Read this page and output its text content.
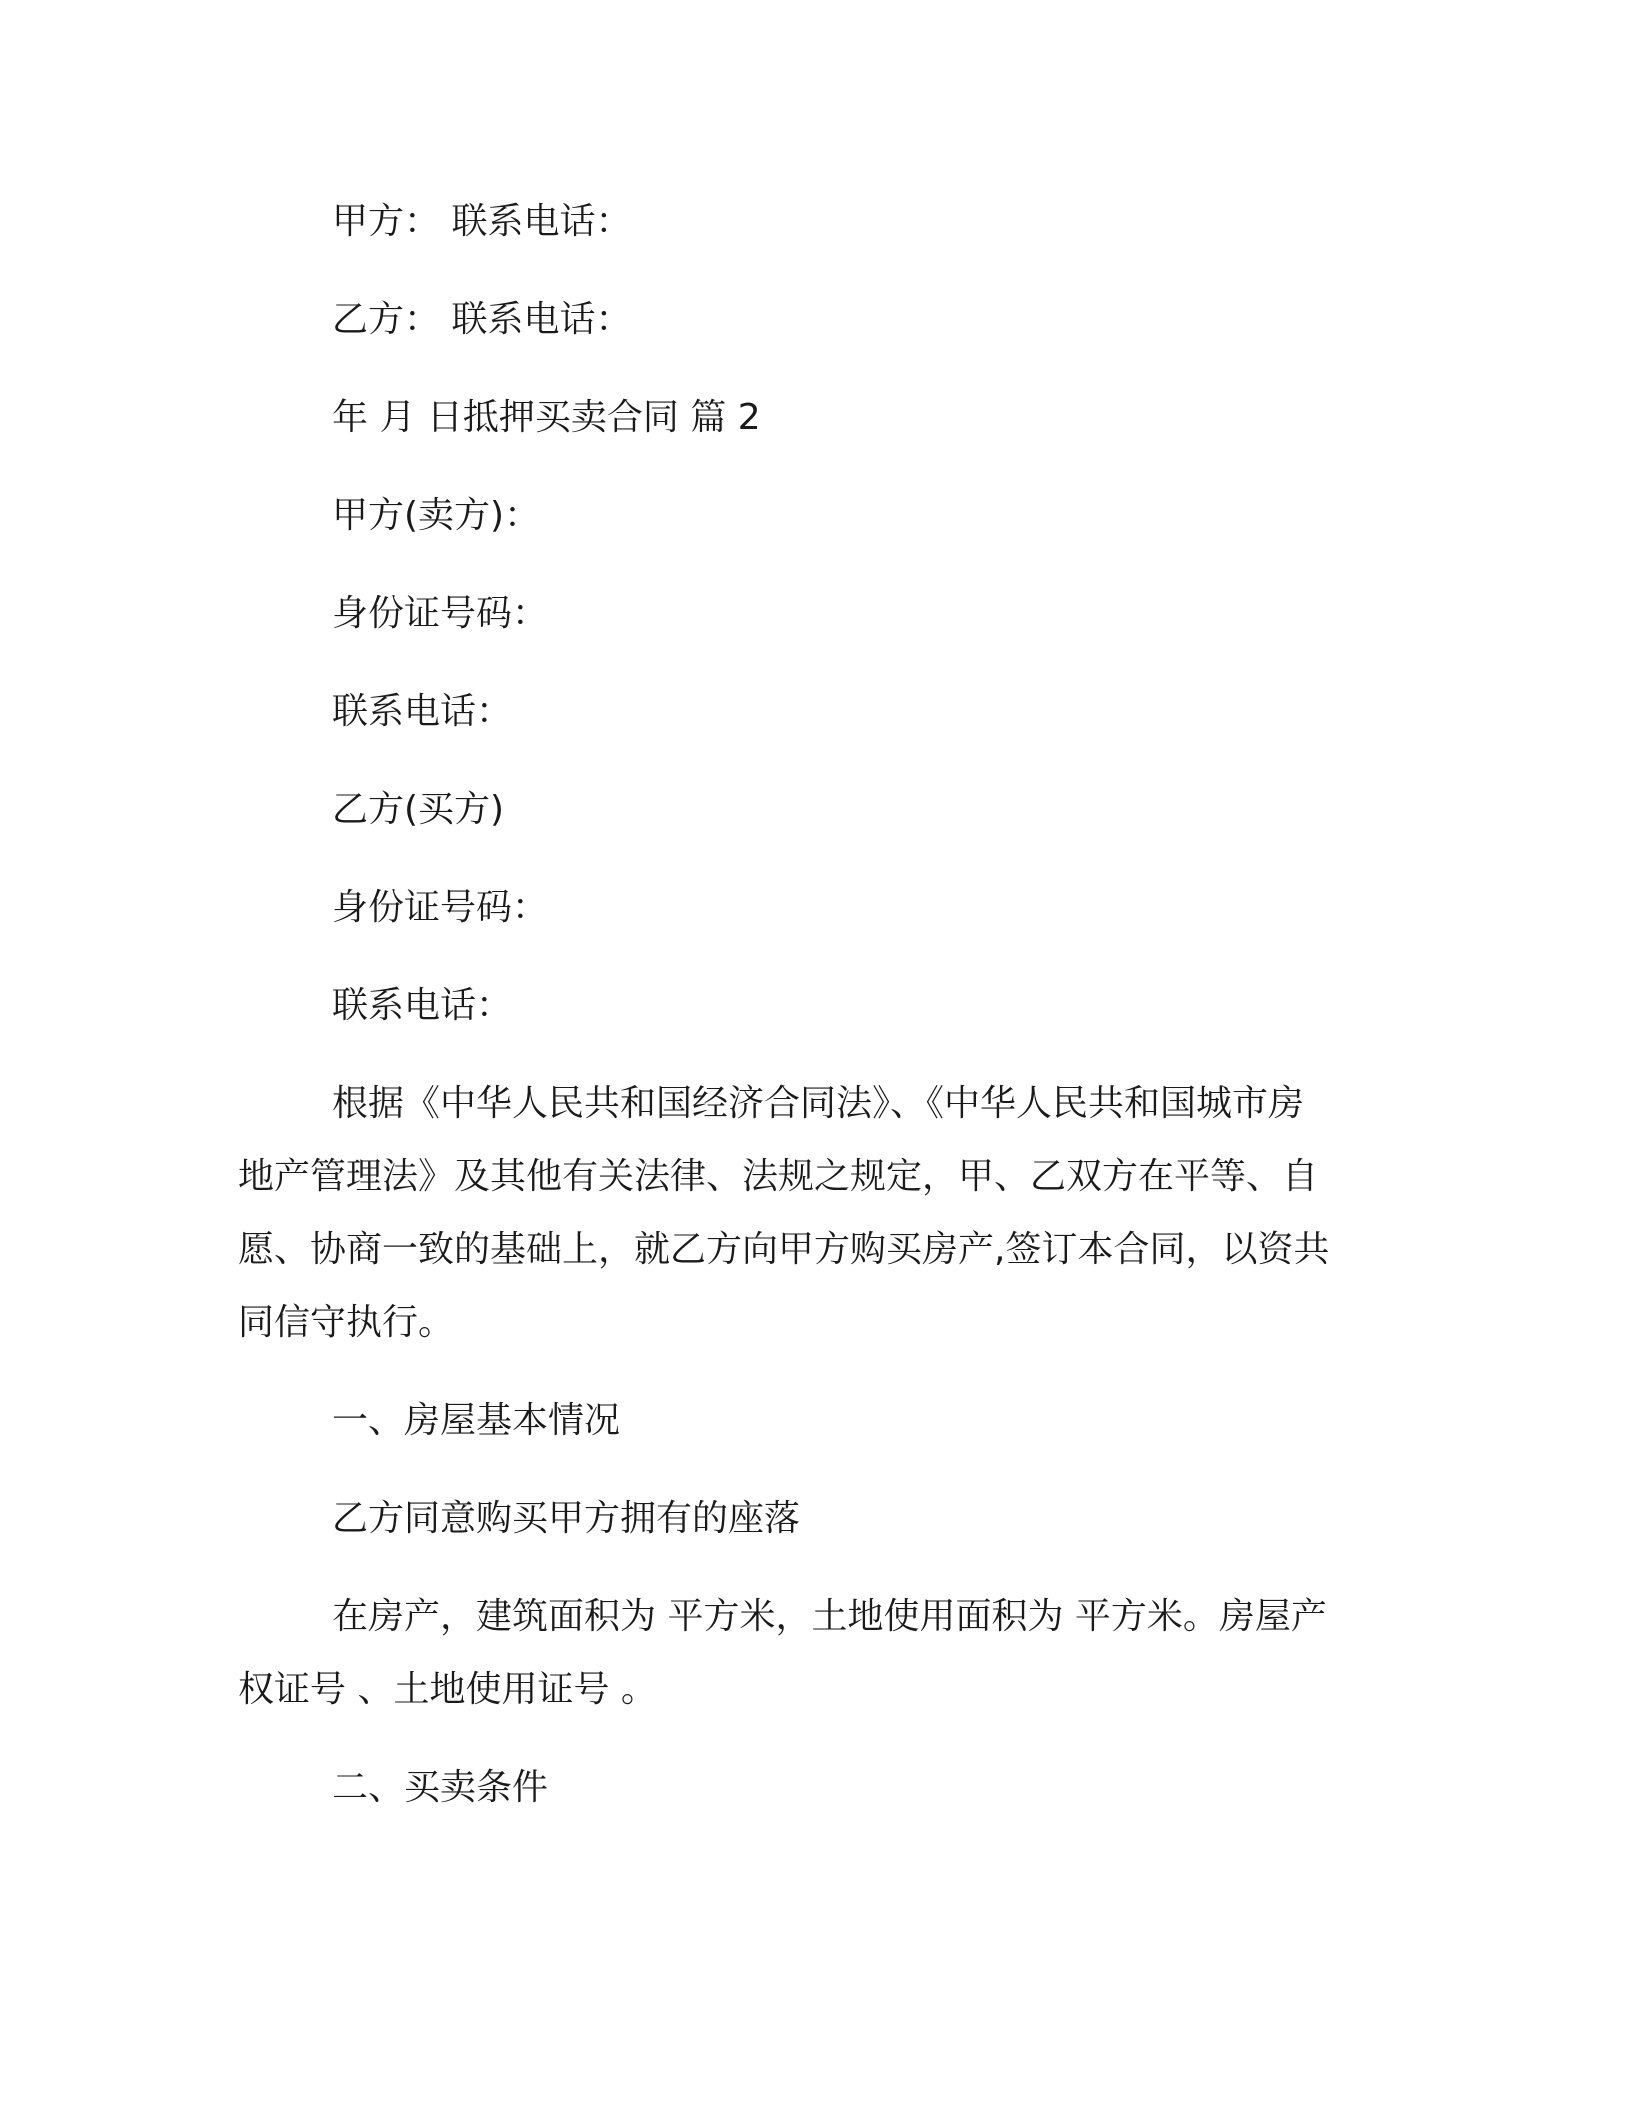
甲方： 联系电话：
乙方： 联系电话：
年 月 日抵押买卖合同 篇 2
甲方(卖方)：
身份证号码：
联系电话：
乙方(买方)
身份证号码：
联系电话：
根据《中华人民共和国经济合同法》、《中华人民共和国城市房
地产管理法》及其他有关法律、法规之规定，甲、乙双方在平等、自
愿、协商一致的基础上，就乙方向甲方购买房产,签订本合同，以资共
同信守执行。
一、房屋基本情况
乙方同意购买甲方拥有的座落
在房产，建筑面积为 平方米，土地使用面积为 平方米。房屋产
权证号 、土地使用证号 。
二、买卖条件
